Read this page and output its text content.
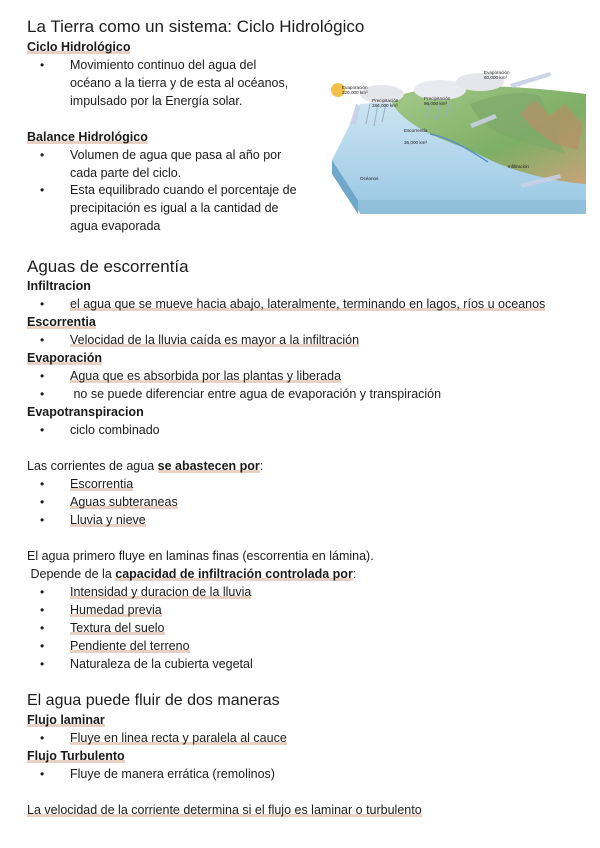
La Tierra como un sistema: Ciclo Hidrológico
Ciclo Hidrológico
• Movimiento continuo del agua del
océano a la tierra y de esta al océanos,
impulsado por la Energía solar.
Balance Hidrológico
• Volumen de agua que pasa al año por
cada parte del ciclo.
• Esta equilibrado cuando el porcentaje de
precipitación es igual a la cantidad de
agua evaporada
Aguas de escorrentía
Infiltracion
• el agua que se mueve hacia abajo, lateralmente, terminando en lagos, ríos u oceanos
Escorrentia
• Velocidad de la lluvia caída es mayor a la infiltración
Evaporación
• Agua que es absorbida por las plantas y liberada
• no se puede diferenciar entre agua de evaporación y transpiración
Evapotranspiracion
• ciclo combinado
Las corrientes de agua se abastecen por:
• Escorrentia
• Aguas subteraneas
• Lluvia y nieve
El agua primero fluye en laminas finas (escorrentia en lámina).
Depende de la capacidad de infiltración controlada por:
• Intensidad y duracion de la lluvia
• Humedad previa
• Textura del suelo
• Pendiente del terreno
• Naturaleza de la cubierta vegetal
El agua puede fluir de dos maneras
Flujo laminar
• Fluye en linea recta y paralela al cauce
Flujo Turbulento
• Fluye de manera errática (remolinos)
La velocidad de la corriente determina si el flujo es laminar o turbulento
Evaporación
320,000 km³
Precipitación
284,000 km³
Evaporación
60,000 km³
Precipitación
96,000 km³
Escorrentía
36,000 km³
Océanos
Infiltración
